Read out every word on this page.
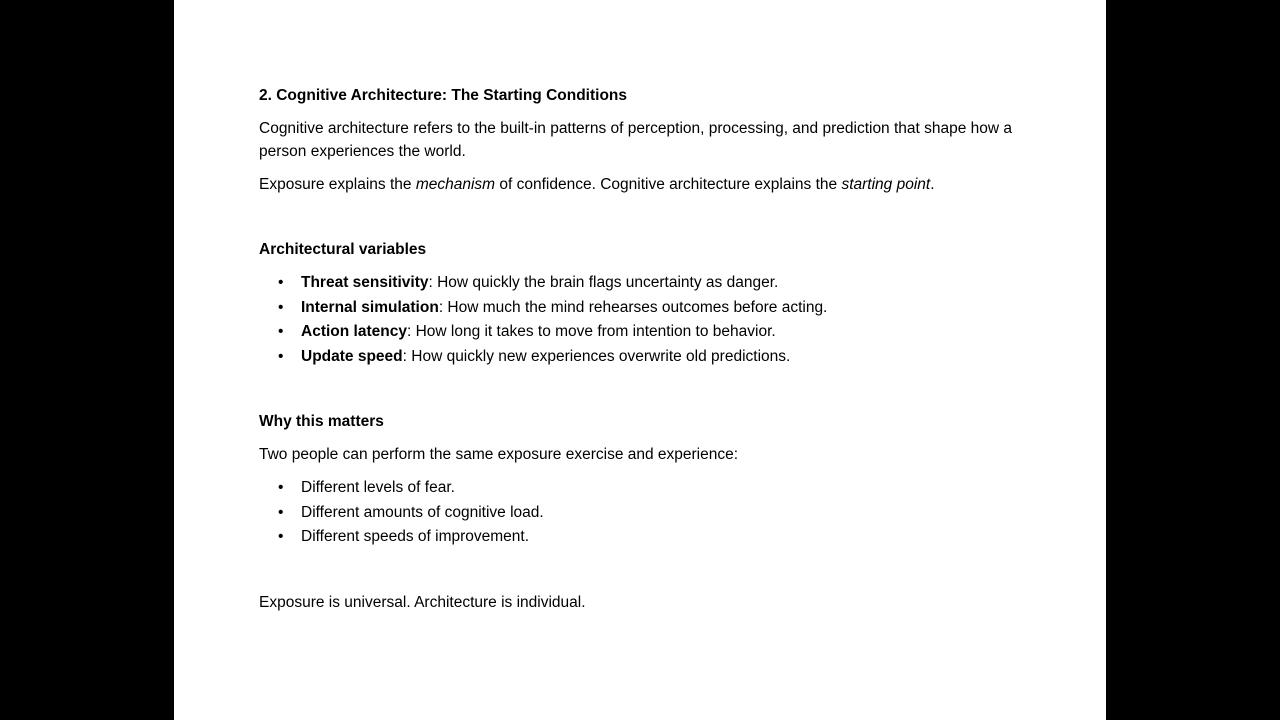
2. Cognitive Architecture: The Starting Conditions

Cognitive architecture refers to the built-in patterns of perception, processing, and prediction that shape how a person experiences the world.

Exposure explains the mechanism of confidence. Cognitive architecture explains the starting point.

Architectural variables

• Threat sensitivity: How quickly the brain flags uncertainty as danger.
• Internal simulation: How much the mind rehearses outcomes before acting.
• Action latency: How long it takes to move from intention to behavior.
• Update speed: How quickly new experiences overwrite old predictions.

Why this matters

Two people can perform the same exposure exercise and experience:

• Different levels of fear.
• Different amounts of cognitive load.
• Different speeds of improvement.

Exposure is universal. Architecture is individual.
